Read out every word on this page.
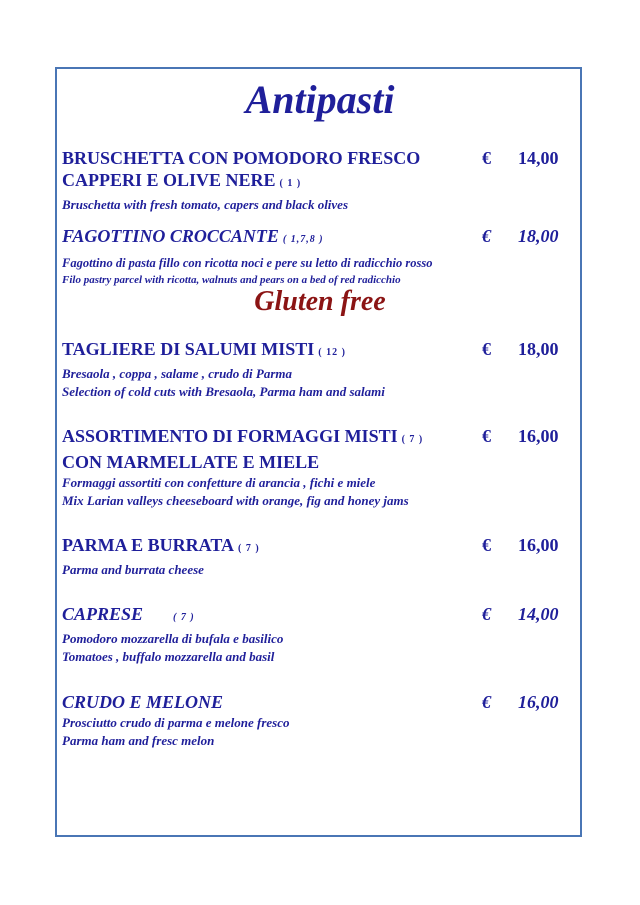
Antipasti
BRUSCHETTA CON POMODORO FRESCO
CAPPERI E OLIVE NERE ( 1 )
€ 14,00
Bruschetta with fresh tomato, capers and black olives
FAGOTTINO CROCCANTE ( 1,7,8 )	€ 18,00
Fagottino di pasta fillo con ricotta noci e pere su letto di radicchio rosso
Filo pastry parcel with ricotta, walnuts and pears on a bed of red radicchio
Gluten free
TAGLIERE DI SALUMI MISTI ( 12 )	€ 18,00
Bresaola , coppa , salame , crudo di Parma
Selection of cold cuts with Bresaola, Parma ham and salami
ASSORTIMENTO DI FORMAGGI MISTI ( 7 )
CON MARMELLATE E MIELE
€ 16,00
Formaggi assortiti con confetture di arancia , fichi e miele
Mix Larian valleys cheeseboard with orange, fig and honey jams
PARMA E BURRATA ( 7 )	€ 16,00
Parma and burrata cheese
CAPRESE	( 7 )	€ 14,00
Pomodoro mozzarella di bufala e basilico
Tomatoes , buffalo mozzarella and basil
CRUDO E MELONE	€ 16,00
Prosciutto crudo di parma e melone fresco
Parma ham and fresc melon
